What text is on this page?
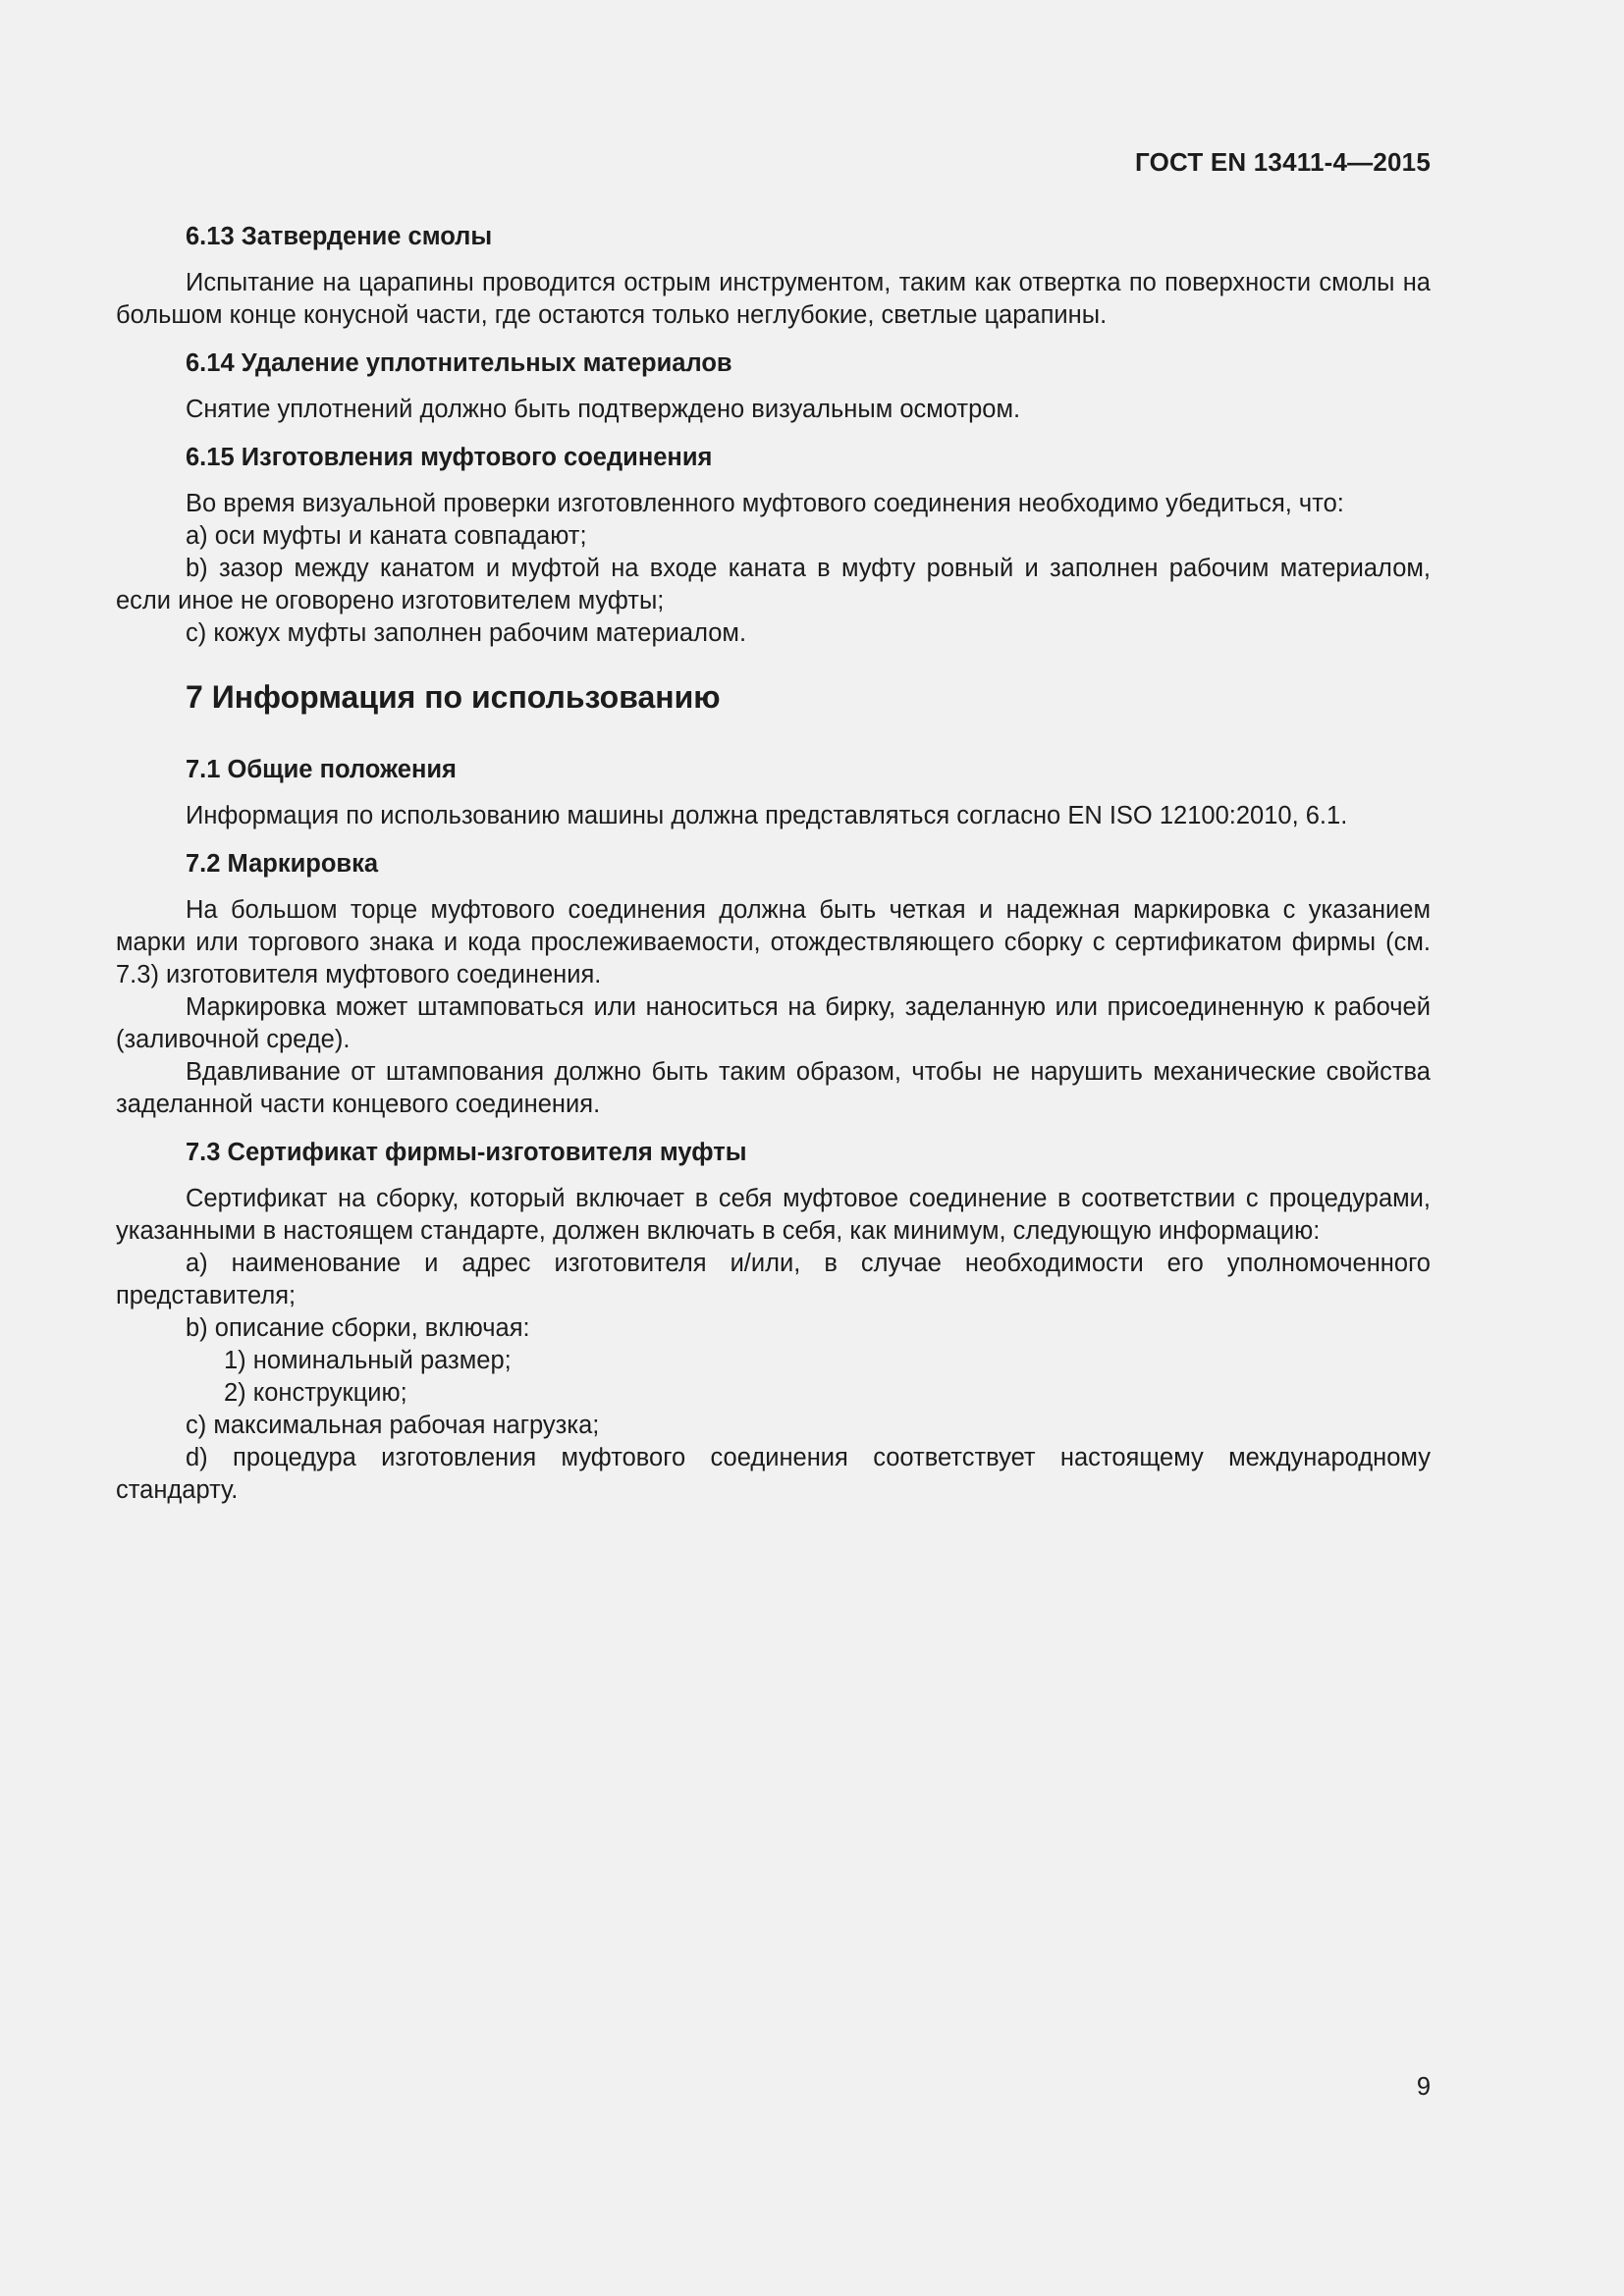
ГОСТ EN 13411-4—2015
6.13 Затвердение смолы

Испытание на царапины проводится острым инструментом, таким как отвертка по поверхности смолы на большом конце конусной части, где остаются только неглубокие, светлые царапины.

6.14 Удаление уплотнительных материалов

Снятие уплотнений должно быть подтверждено визуальным осмотром.

6.15 Изготовления муфтового соединения

Во время визуальной проверки изготовленного муфтового соединения необходимо убедиться, что:

a) оси муфты и каната совпадают;

b) зазор между канатом и муфтой на входе каната в муфту ровный и заполнен рабочим материалом, если иное не оговорено изготовителем муфты;

c) кожух муфты заполнен рабочим материалом.

7 Информация по использованию
7.1 Общие положения

Информация по использованию машины должна представляться согласно EN ISO 12100:2010, 6.1.

7.2 Маркировка

На большом торце муфтового соединения должна быть четкая и надежная маркировка с указанием марки или торгового знака и кода прослеживаемости, отождествляющего сборку с сертификатом фирмы (см. 7.3) изготовителя муфтового соединения.

Маркировка может штамповаться или наноситься на бирку, заделанную или присоединенную к рабочей (заливочной среде).

Вдавливание от штампования должно быть таким образом, чтобы не нарушить механические свойства заделанной части концевого соединения.

7.3 Сертификат фирмы-изготовителя муфты

Сертификат на сборку, который включает в себя муфтовое соединение в соответствии с процедурами, указанными в настоящем стандарте, должен включать в себя, как минимум, следующую информацию:

a) наименование и адрес изготовителя и/или, в случае необходимости его уполномоченного представителя;

b) описание сборки, включая:

1) номинальный размер;

2) конструкцию;

c) максимальная рабочая нагрузка;

d) процедура изготовления муфтового соединения соответствует настоящему международному стандарту.

9
